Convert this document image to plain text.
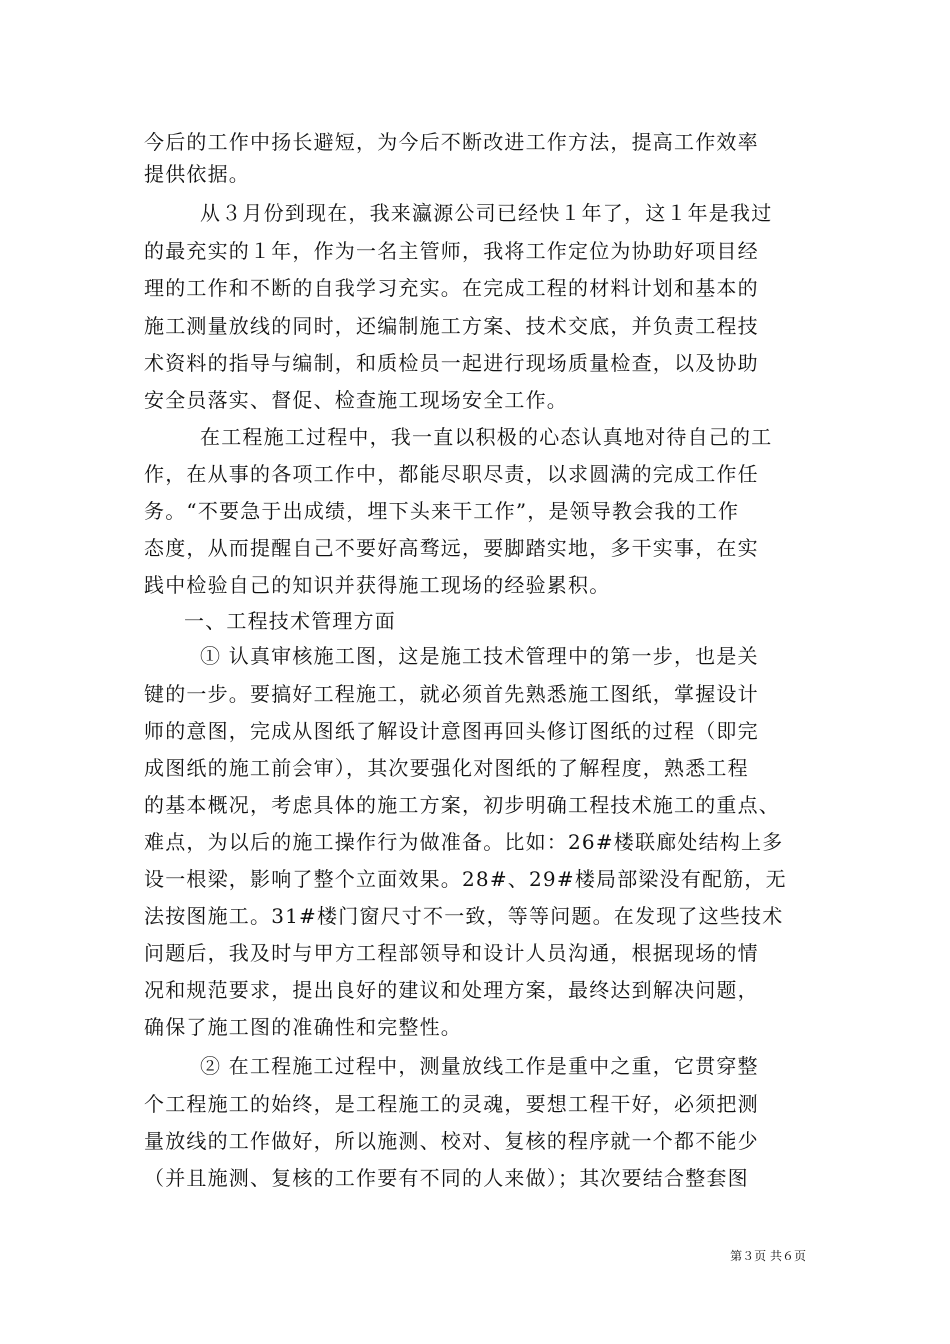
今后的工作中扬长避短，为今后不断改进工作方法，提高工作效率
提供依据。
从３月份到现在，我来瀛源公司已经快１年了，这１年是我过
的最充实的１年，作为一名主管师，我将工作定位为协助好项目经
理的工作和不断的自我学习充实。在完成工程的材料计划和基本的
施工测量放线的同时，还编制施工方案、技术交底，并负责工程技
术资料的指导与编制，和质检员一起进行现场质量检查，以及协助
安全员落实、督促、检查施工现场安全工作。
在工程施工过程中，我一直以积极的心态认真地对待自己的工
作，在从事的各项工作中，都能尽职尽责，以求圆满的完成工作任
务。“不要急于出成绩，埋下头来干工作”，是领导教会我的工作
态度，从而提醒自己不要好高骛远，要脚踏实地，多干实事，在实
践中检验自己的知识并获得施工现场的经验累积。
一、工程技术管理方面
① 认真审核施工图，这是施工技术管理中的第一步，也是关
键的一步。要搞好工程施工，就必须首先熟悉施工图纸，掌握设计
师的意图，完成从图纸了解设计意图再回头修订图纸的过程（即完
成图纸的施工前会审），其次要强化对图纸的了解程度，熟悉工程
的基本概况，考虑具体的施工方案，初步明确工程技术施工的重点、
难点，为以后的施工操作行为做准备。比如：26#楼联廊处结构上多
设一根梁，影响了整个立面效果。28#、29#楼局部梁没有配筋，无
法按图施工。31#楼门窗尺寸不一致，等等问题。在发现了这些技术
问题后，我及时与甲方工程部领导和设计人员沟通，根据现场的情
况和规范要求，提出良好的建议和处理方案，最终达到解决问题，
确保了施工图的准确性和完整性。
② 在工程施工过程中，测量放线工作是重中之重，它贯穿整
个工程施工的始终，是工程施工的灵魂，要想工程干好，必须把测
量放线的工作做好，所以施测、校对、复核的程序就一个都不能少
（并且施测、复核的工作要有不同的人来做）；其次要结合整套图
第３页 共６页
